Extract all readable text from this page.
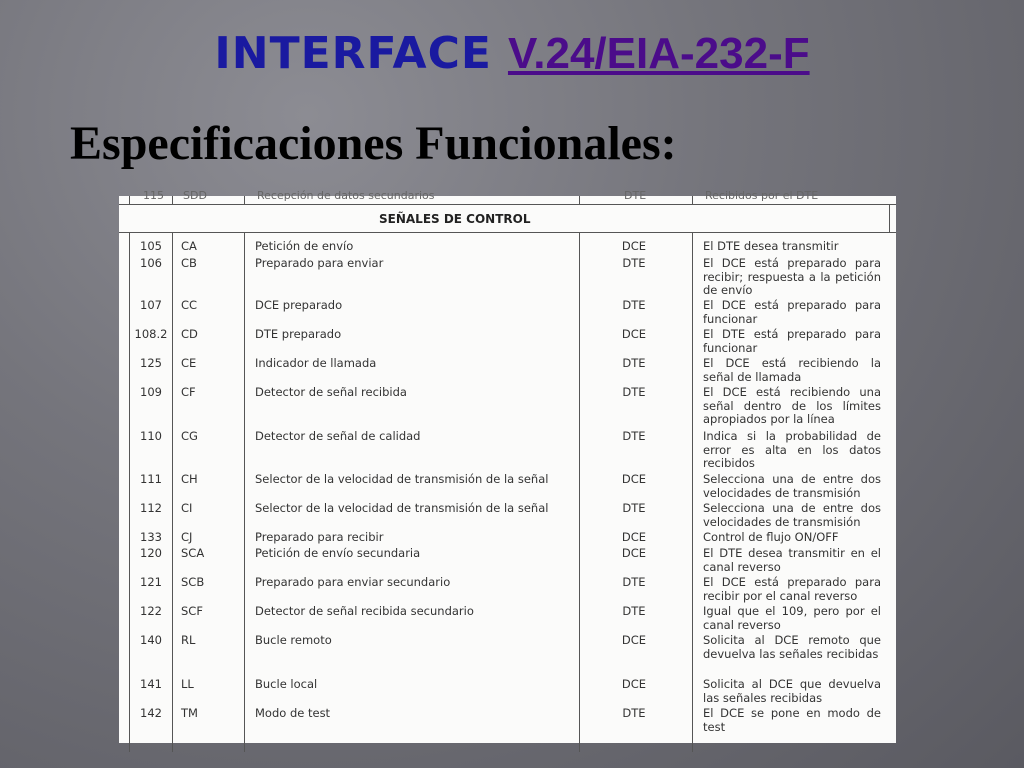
INTERFACE V.24/EIA-232-F
Especificaciones Funcionales:
115 SDD	Recepción de datos secundarios	DTE	Recibidos por el DTE
SEÑALES DE CONTROL
105	CA	Petición de envío	DCE	El DTE desea transmitir
106	CB	Preparado para enviar	DTE	El DCE está preparado para recibir; respuesta a la petición de envío
107	CC	DCE preparado	DTE	El DCE está preparado para funcionar
108.2	CD	DTE preparado	DCE	El DTE está preparado para funcionar
125	CE	Indicador de llamada	DTE	El DCE está recibiendo la señal de llamada
109	CF	Detector de señal recibida	DTE	El DCE está recibiendo una señal dentro de los límites apropiados por la línea
110	CG	Detector de señal de calidad	DTE	Indica si la probabilidad de error es alta en los datos recibidos
111	CH	Selector de la velocidad de transmisión de la señal	DCE	Selecciona una de entre dos velocidades de transmisión
112	CI	Selector de la velocidad de transmisión de la señal	DTE	Selecciona una de entre dos velocidades de transmisión
133	CJ	Preparado para recibir	DCE	Control de flujo ON/OFF
120	SCA	Petición de envío secundaria	DCE	El DTE desea transmitir en el canal reverso
121	SCB	Preparado para enviar secundario	DTE	El DCE está preparado para recibir por el canal reverso
122	SCF	Detector de señal recibida secundario	DTE	Igual que el 109, pero por el canal reverso
140	RL	Bucle remoto	DCE	Solicita al DCE remoto que devuelva las señales recibidas
141	LL	Bucle local	DCE	Solicita al DCE que devuelva las señales recibidas
142	TM	Modo de test	DTE	El DCE se pone en modo de test
